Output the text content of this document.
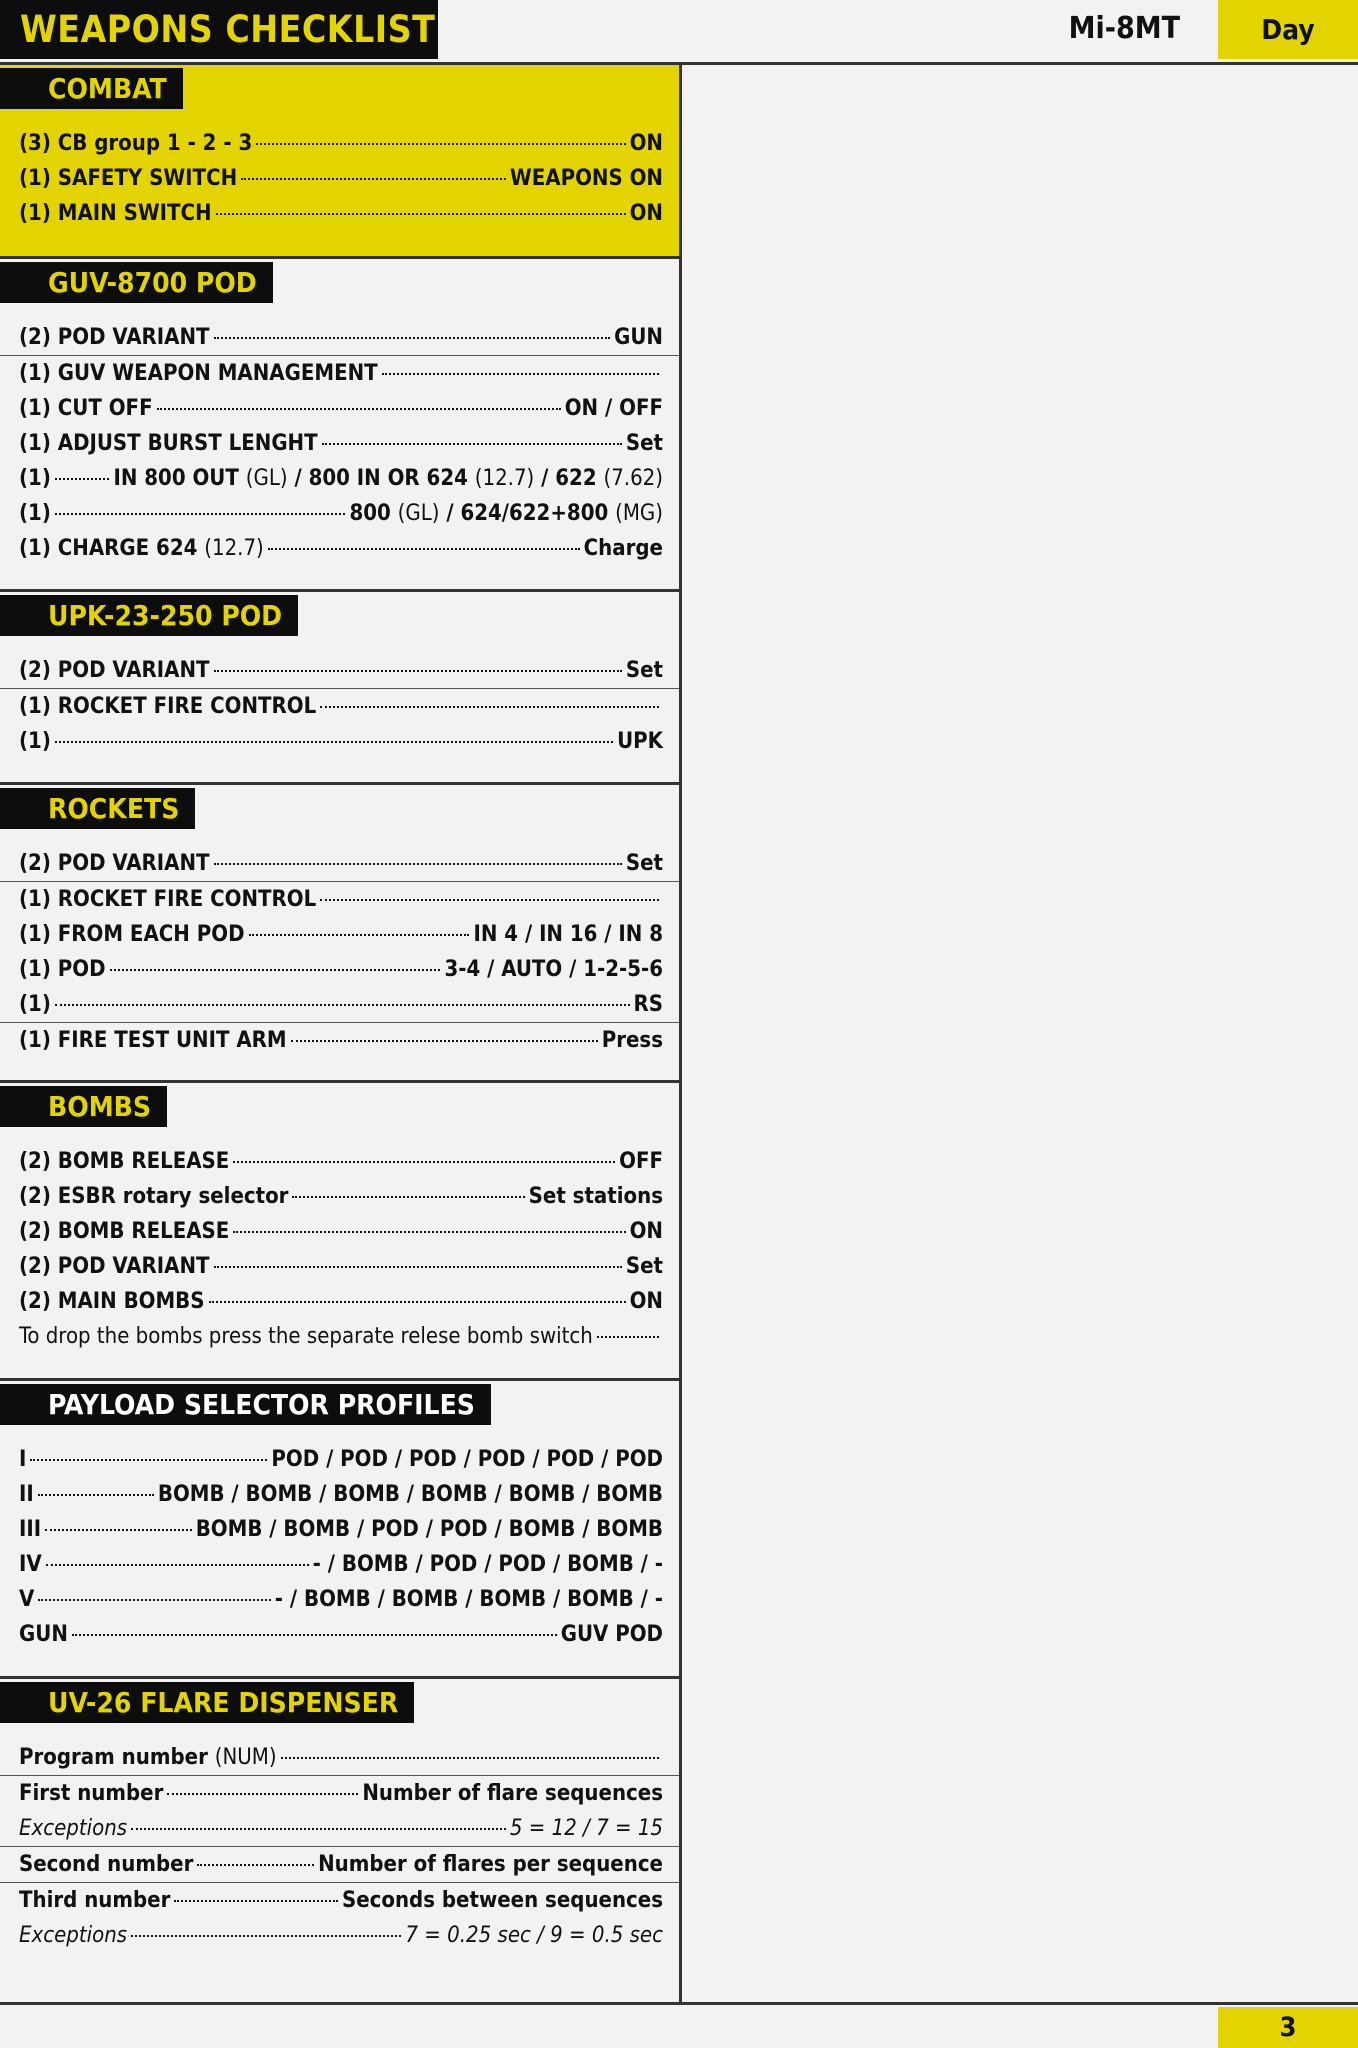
WEAPONS CHECKLIST	Mi-8MT	Day
COMBAT
(3) CB group 1 - 2 - 3	ON
(1) SAFETY SWITCH	WEAPONS ON
(1) MAIN SWITCH	ON
GUV-8700 POD
(2) POD VARIANT	GUN
(1) GUV WEAPON MANAGEMENT
(1) CUT OFF	ON / OFF
(1) ADJUST BURST LENGHT	Set
(1)	IN 800 OUT (GL) / 800 IN OR 624 (12.7) / 622 (7.62)
(1)	800 (GL) / 624/622+800 (MG)
(1) CHARGE 624 (12.7)	Charge
UPK-23-250 POD
(2) POD VARIANT	Set
(1) ROCKET FIRE CONTROL
(1)	UPK
ROCKETS
(2) POD VARIANT	Set
(1) ROCKET FIRE CONTROL
(1) FROM EACH POD	IN 4 / IN 16 / IN 8
(1) POD	3-4 / AUTO / 1-2-5-6
(1)	RS
(1) FIRE TEST UNIT ARM	Press
BOMBS
(2) BOMB RELEASE	OFF
(2) ESBR rotary selector	Set stations
(2) BOMB RELEASE	ON
(2) POD VARIANT	Set
(2) MAIN BOMBS	ON
To drop the bombs press the separate relese bomb switch
PAYLOAD SELECTOR PROFILES
I	POD / POD / POD / POD / POD / POD
II	BOMB / BOMB / BOMB / BOMB / BOMB / BOMB
III	BOMB / BOMB / POD / POD / BOMB / BOMB
IV	- / BOMB / POD / POD / BOMB / -
V	- / BOMB / BOMB / BOMB / BOMB / -
GUN	GUV POD
UV-26 FLARE DISPENSER
Program number (NUM)
First number	Number of flare sequences
Exceptions	5 = 12 / 7 = 15
Second number	Number of flares per sequence
Third number	Seconds between sequences
Exceptions	7 = 0.25 sec / 9 = 0.5 sec
3
